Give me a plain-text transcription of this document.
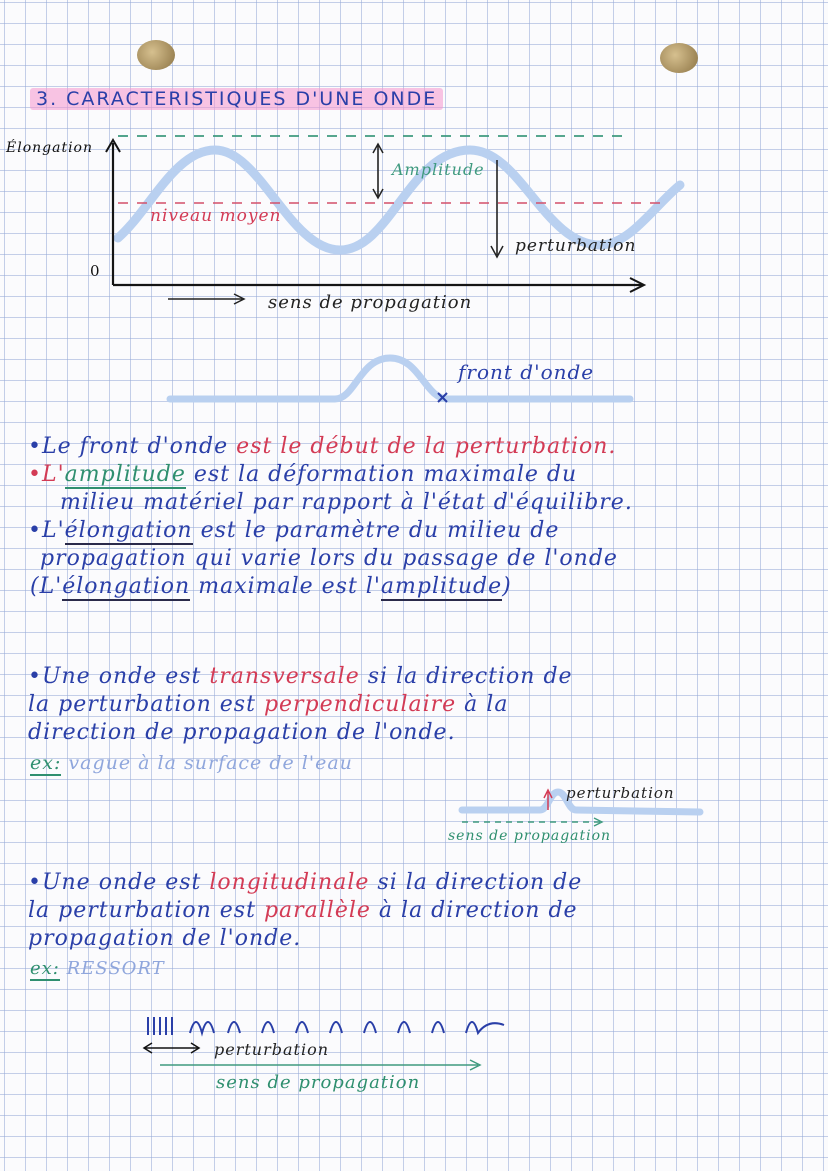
3. CARACTERISTIQUES D'UNE ONDE
Élongation
0
Amplitude
niveau moyen
perturbation
sens de propagation
front d'onde
•Le front d'onde est le début de la perturbation.
•L'amplitude est la déformation maximale du
milieu matériel par rapport à l'état d'équilibre.
•L'élongation est le paramètre du milieu de
propagation qui varie lors du passage de l'onde
(L'élongation maximale est l'amplitude)
•Une onde est transversale si la direction de
la perturbation est perpendiculaire à la
direction de propagation de l'onde.
ex: vague à la surface de l'eau
perturbation
sens de propagation
•Une onde est longitudinale si la direction de
la perturbation est parallèle à la direction de
propagation de l'onde.
ex: RESSORT
perturbation
sens de propagation
